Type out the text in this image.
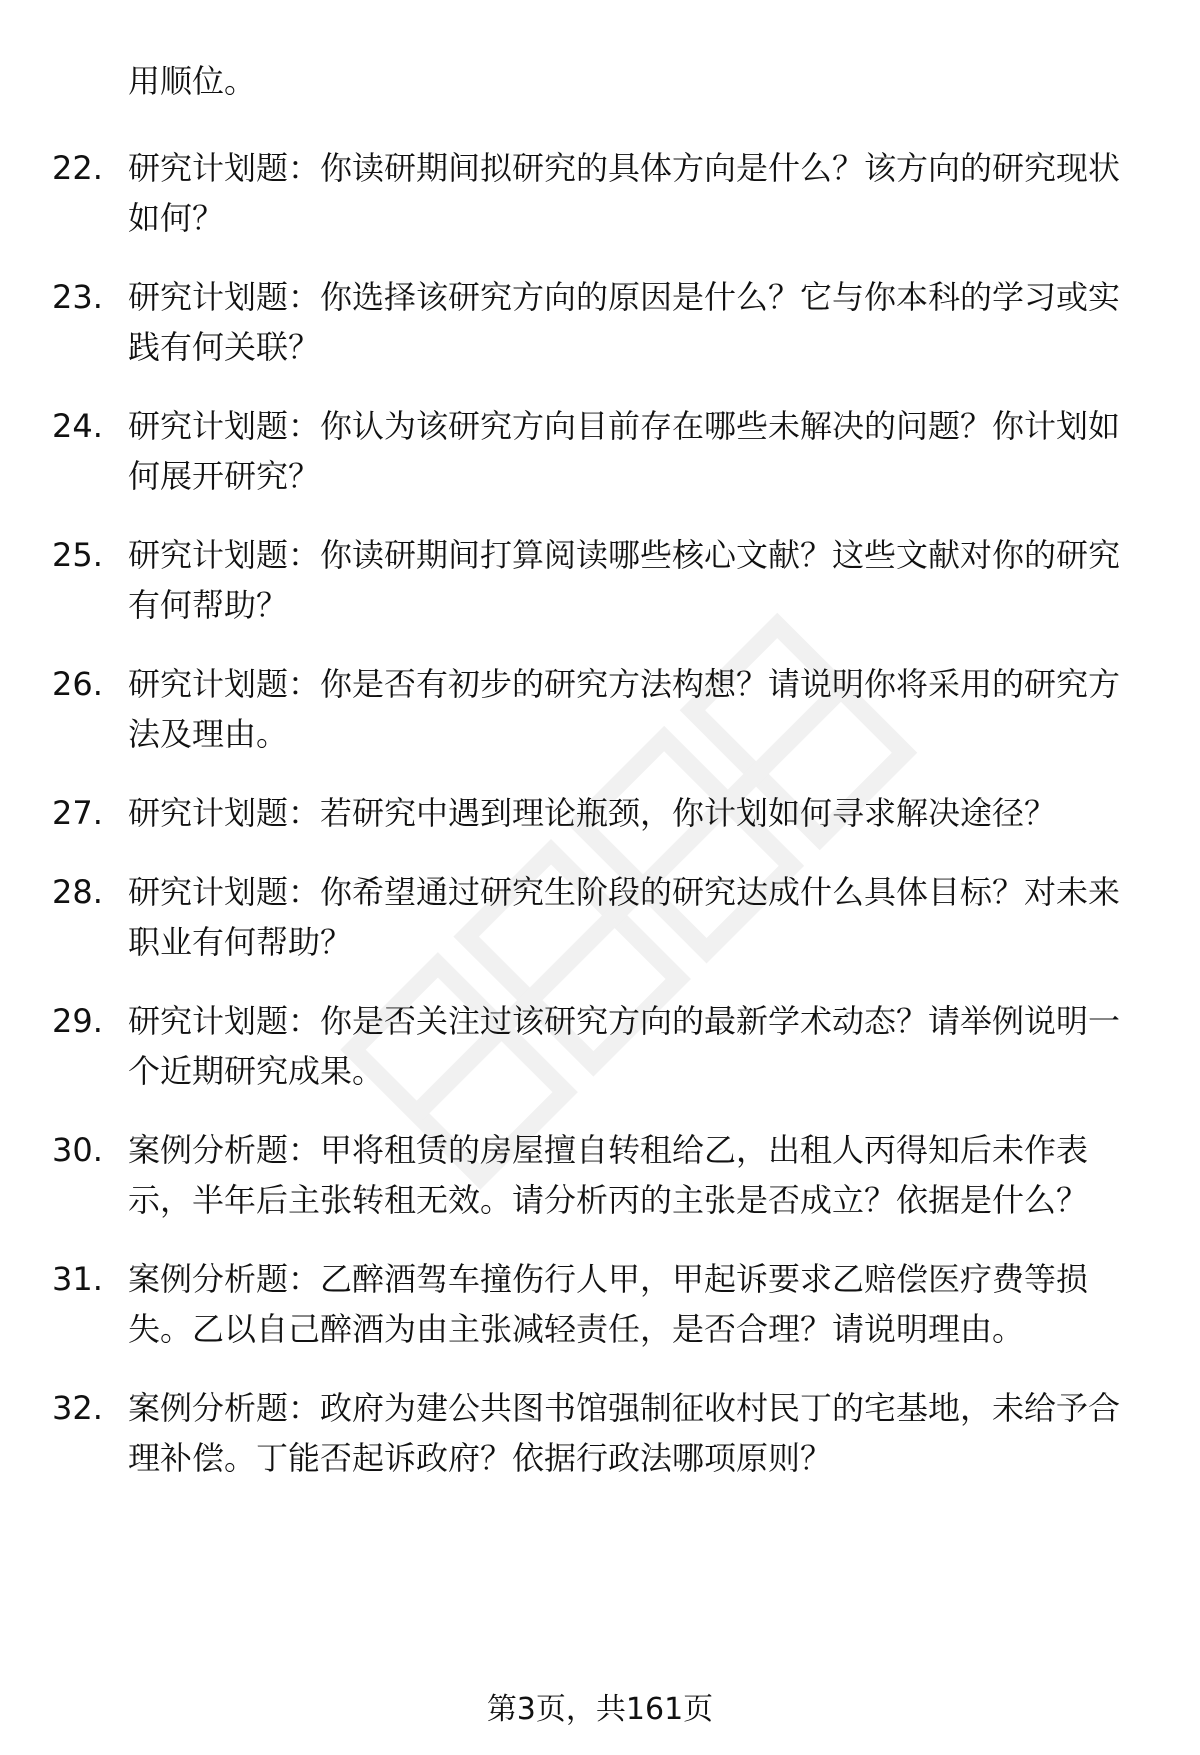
用顺位。
22. 研究计划题：你读研期间拟研究的具体方向是什么？该方向的研究现状如何？
23. 研究计划题：你选择该研究方向的原因是什么？它与你本科的学习或实践有何关联？
24. 研究计划题：你认为该研究方向目前存在哪些未解决的问题？你计划如何展开研究？
25. 研究计划题：你读研期间打算阅读哪些核心文献？这些文献对你的研究有何帮助？
26. 研究计划题：你是否有初步的研究方法构想？请说明你将采用的研究方法及理由。
27. 研究计划题：若研究中遇到理论瓶颈，你计划如何寻求解决途径？
28. 研究计划题：你希望通过研究生阶段的研究达成什么具体目标？对未来职业有何帮助？
29. 研究计划题：你是否关注过该研究方向的最新学术动态？请举例说明一个近期研究成果。
30. 案例分析题：甲将租赁的房屋擅自转租给乙，出租人丙得知后未作表示，半年后主张转租无效。请分析丙的主张是否成立？依据是什么？
31. 案例分析题：乙醉酒驾车撞伤行人甲，甲起诉要求乙赔偿医疗费等损失。乙以自己醉酒为由主张减轻责任，是否合理？请说明理由。
32. 案例分析题：政府为建公共图书馆强制征收村民丁的宅基地，未给予合理补偿。丁能否起诉政府？依据行政法哪项原则？
第3页，共161页
